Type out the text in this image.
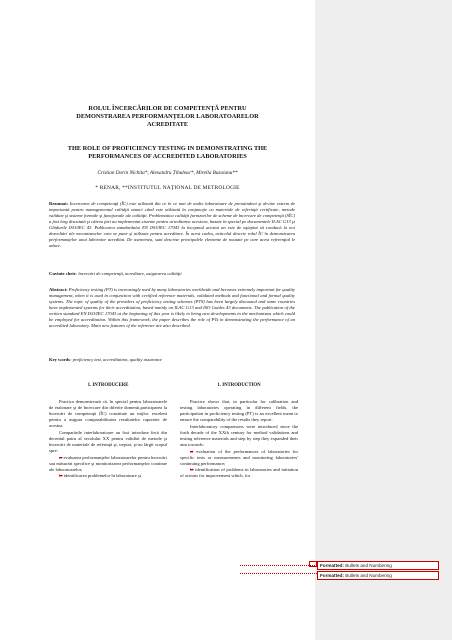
ROLUL ÎNCERCĂRILOR DE COMPETENŢĂ PENTRU
DEMONSTRAREA PERFORMANŢELOR LABORATOARELOR
ACREDITATE
THE ROLE OF PROFICIENCY TESTING IN DEMONSTRATING THE
PERFORMANCES OF ACCREDITED LABORATORIES
Cristian Dorin Nichita*, Alexandru Țibuleac*, Mirella Buzoianu**
* RENAR, **INSTITUTUL NAŢIONAL DE METROLOGIE
Rezumat: Incercarea de competenţă (ÎC) este utilizată din ce în ce mai de multe laboratoare de pretutindeni şi devine extrem de importantă pentru managementul calităţii atunci când este utilizată în conjuncţie cu materiale de referinţă certificate, metode validate şi sisteme formale şi funcţionale ale calităţii. Problematica calităţii furnizorilor de scheme de încercare de competenţă (SÎC) a fost larg discutată şi câteva ţări au implementat sisteme pentru acreditarea acestora, bazate în special pe documentele ILAC G13 şi Ghidurile ISO/IEC 43. Publicarea standardului EN ISO/IEC 17043 la începutul acestui an este de aşteptat să conducă la noi dezvoltări ale mecanismelor care se pune şi utilizate pentru acreditare. În acest cadru, articolul descrie rolul ÎC în demonstrarea performanţelor unui laborator acreditat. De asemenea, sunt descrise principalele elemente de noutate pe care acest referenţial le aduce.
Cuvinte cheie: încercări de competenţă, acreditare, asigurarea calităţii
Abstract: Proficiency testing (PT) is increasingly used by many laboratories worldwide and becomes extremely important for quality management, when it is used in conjunction with certified reference materials, validated methods and functional and formal quality systems. The topic of quality of the providers of proficiency testing schemes (PTS) has been largely discussed and some countries have implemented systems for their accreditation, based mainly on ILAC G13 and ISO Guides 43 documents. The publication of the written standard EN ISO/IEC 17043 at the beginning of this year is likely to bring new developments in the mechanisms which could be employed for accreditation. Within this framework, the paper describes the role of PTs in demonstrating the performance of an accredited laboratory. Main new features of the reference are also described.
Key words: proficiency test, accreditation, quality assurance
1. INTRODUCERE

Practica demonstrează că, în special pentru laboratoarele de etalonare şi de încercare din diferite domenii,participarea la încercări de competenţă (ÎC) constituie un mijloc excelent pentru a asigura comparabilitatea rezultatelor raportate de acestea.

Comparările interlaboratoare au fost introduse încă din deceniul patru al secolului XX pentru validări de metode şi încercări de materiale de referinţă şi, treptat, şi-au lărgit scopul spre:

ai evaluarea performanţelor laboratoarelor pentru încercări sau măsurări specifice şi monitorizarea performanţelor continue ale laboratoarelor;
bi identificarea problemelor în laboratoare şi
1. INTRODUCTION

Practice shows that, in particular for calibration and testing laboratories operating in different fields, the participation in proficiency testing (PT) is an excellent mean to ensure the comparability of the results they report.

Interlaboratory comparisons were introduced since the forth decade of the XXth century for method validations and testing reference materials and step by step they expanded their aim towards:

ai evaluation of the performances of laboratories for specific tests or measurements and monitoring laboratories' continuing performance;
bi identification of problems in laboratories and initiation of actions for improvement which, for
Formatted: Bullets and Numbering
Formatted: Bullets and Numbering
